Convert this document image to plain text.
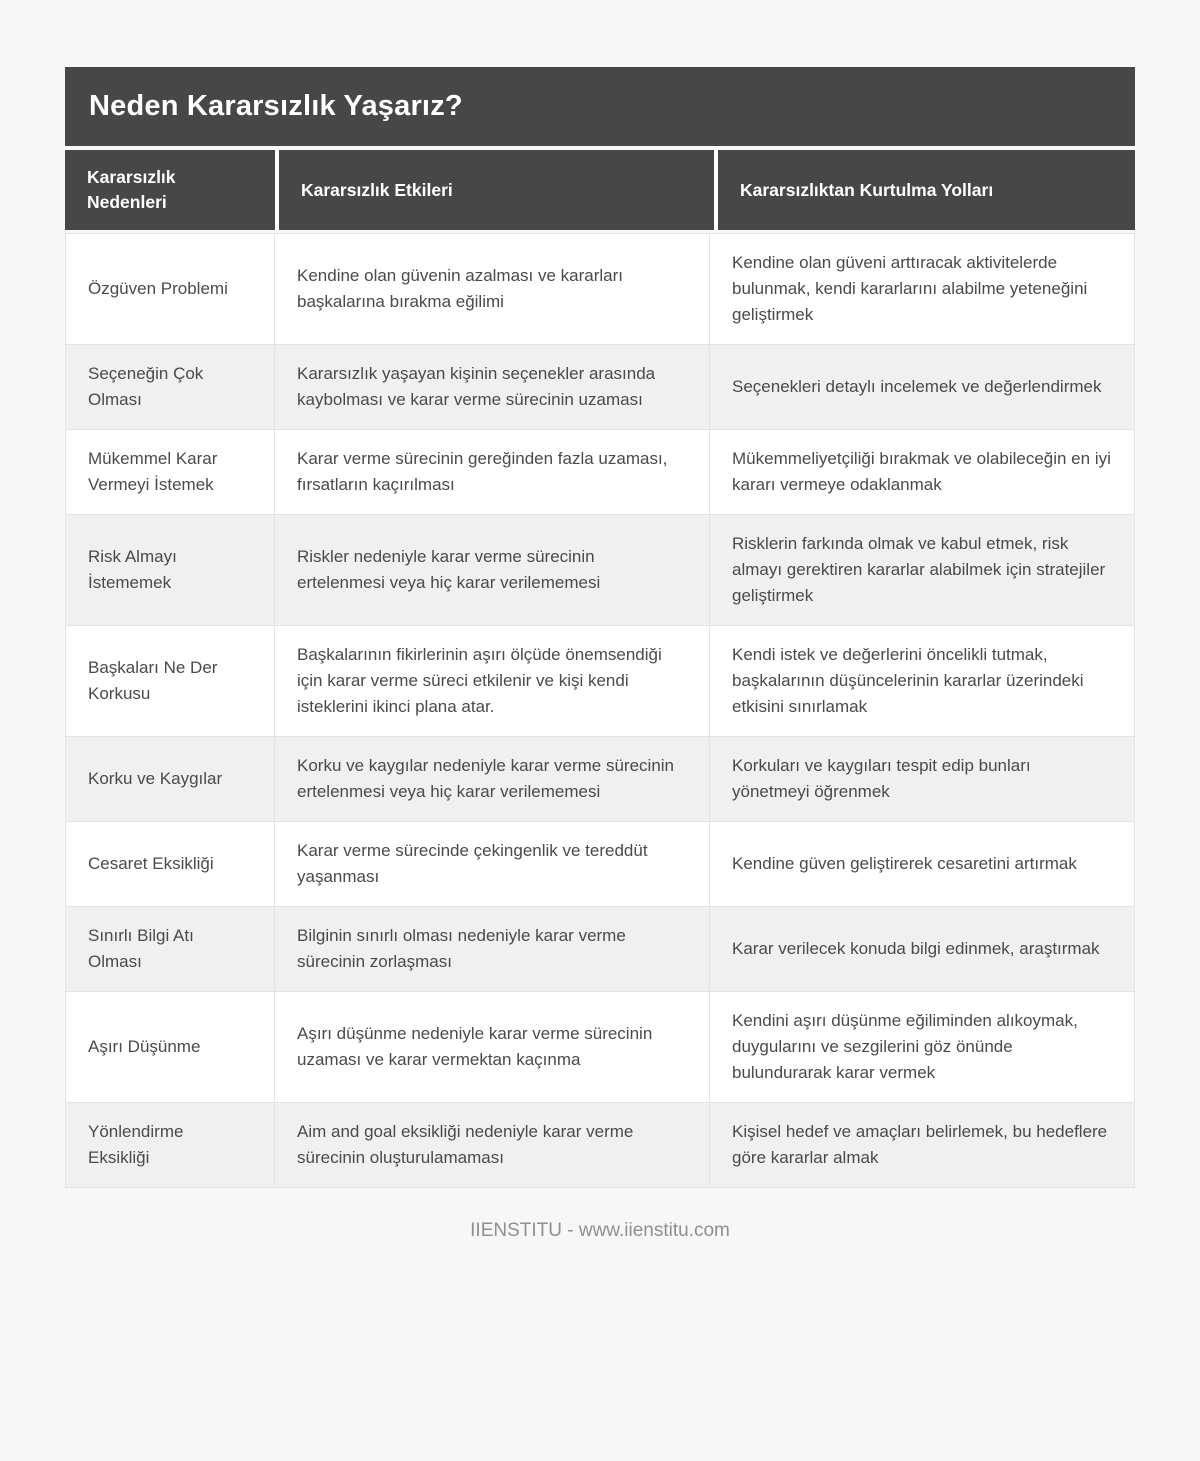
Neden Kararsızlık Yaşarız?
Kararsızlık Nedenleri
Kararsızlık Etkileri	Kararsızlıktan Kurtulma Yolları
Özgüven Problemi
Kendine olan güvenin azalması ve kararları başkalarına bırakma eğilimi
Kendine olan güveni arttıracak aktivitelerde bulunmak, kendi kararlarını alabilme yeteneğini geliştirmek
Seçeneğin Çok Olması
Kararsızlık yaşayan kişinin seçenekler arasında kaybolması ve karar verme sürecinin uzaması
Seçenekleri detaylı incelemek ve değerlendirmek
Mükemmel Karar Vermeyi İstemek
Karar verme sürecinin gereğinden fazla uzaması, fırsatların kaçırılması
Mükemmeliyetçiliği bırakmak ve olabileceğin en iyi kararı vermeye odaklanmak
Risk Almayı İstememek
Riskler nedeniyle karar verme sürecinin ertelenmesi veya hiç karar verilememesi
Risklerin farkında olmak ve kabul etmek, risk almayı gerektiren kararlar alabilmek için stratejiler geliştirmek
Başkaları Ne Der Korkusu
Başkalarının fikirlerinin aşırı ölçüde önemsendiği için karar verme süreci etkilenir ve kişi kendi isteklerini ikinci plana atar.
Kendi istek ve değerlerini öncelikli tutmak, başkalarının düşüncelerinin kararlar üzerindeki etkisini sınırlamak
Korku ve Kaygılar
Korku ve kaygılar nedeniyle karar verme sürecinin ertelenmesi veya hiç karar verilememesi
Korkuları ve kaygıları tespit edip bunları yönetmeyi öğrenmek
Cesaret Eksikliği
Karar verme sürecinde çekingenlik ve tereddüt yaşanması
Kendine güven geliştirerek cesaretini artırmak
Sınırlı Bilgi Atı Olması
Bilginin sınırlı olması nedeniyle karar verme sürecinin zorlaşması
Karar verilecek konuda bilgi edinmek, araştırmak
Aşırı Düşünme
Aşırı düşünme nedeniyle karar verme sürecinin uzaması ve karar vermektan kaçınma
Kendini aşırı düşünme eğiliminden alıkoymak, duygularını ve sezgilerini göz önünde bulundurarak karar vermek
Yönlendirme Eksikliği
Aim and goal eksikliği nedeniyle karar verme sürecinin oluşturulamaması
Kişisel hedef ve amaçları belirlemek, bu hedeflere göre kararlar almak
IIENSTITU - www.iienstitu.com
